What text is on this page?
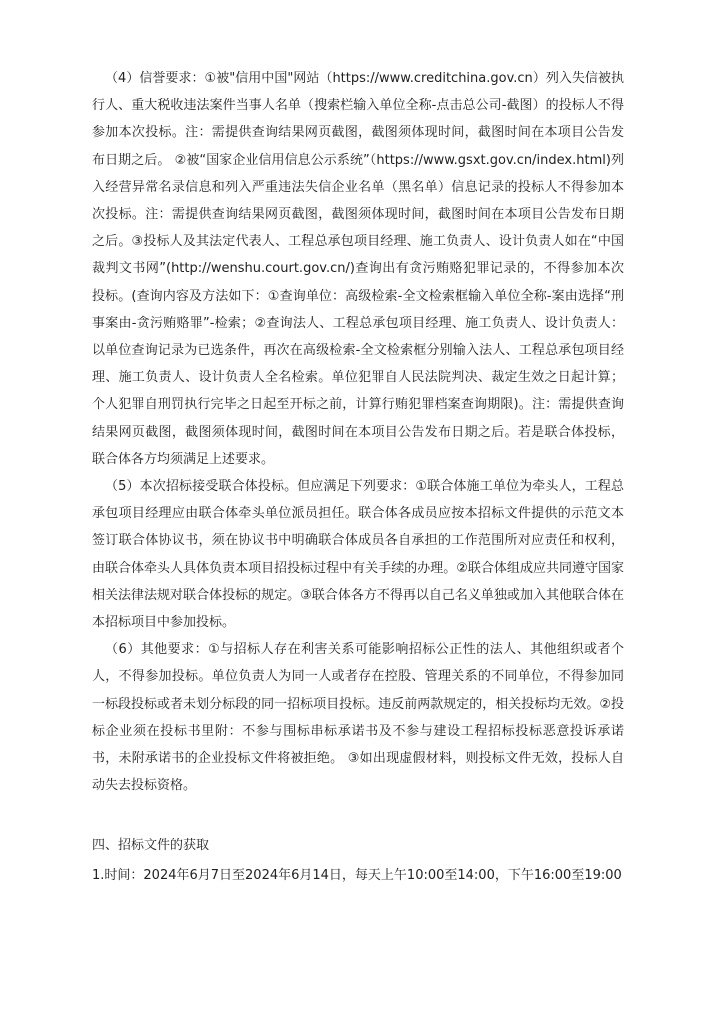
（4）信誉要求：①被"信用中国"网站（https://www.creditchina.gov.cn）列入失信被执行人、重大税收违法案件当事人名单（搜索栏输入单位全称-点击总公司-截图）的投标人不得参加本次投标。注：需提供查询结果网页截图，截图须体现时间，截图时间在本项目公告发布日期之后。 ②被“国家企业信用信息公示系统”（https://www.gsxt.gov.cn/index.html)列入经营异常名录信息和列入严重违法失信企业名单（黑名单）信息记录的投标人不得参加本次投标。注：需提供查询结果网页截图，截图须体现时间，截图时间在本项目公告发布日期之后。③投标人及其法定代表人、工程总承包项目经理、施工负责人、设计负责人如在“中国裁判文书网”(http://wenshu.court.gov.cn/)查询出有贪污贿赂犯罪记录的，不得参加本次投标。(查询内容及方法如下：①查询单位：高级检索-全文检索框输入单位全称-案由选择“刑事案由-贪污贿赂罪”-检索；②查询法人、工程总承包项目经理、施工负责人、设计负责人：以单位查询记录为已选条件，再次在高级检索-全文检索框分别输入法人、工程总承包项目经理、施工负责人、设计负责人全名检索。单位犯罪自人民法院判决、裁定生效之日起计算；个人犯罪自刑罚执行完毕之日起至开标之前，计算行贿犯罪档案查询期限)。注：需提供查询结果网页截图，截图须体现时间，截图时间在本项目公告发布日期之后。若是联合体投标，联合体各方均须满足上述要求。

（5）本次招标接受联合体投标。但应满足下列要求：①联合体施工单位为牵头人，工程总承包项目经理应由联合体牵头单位派员担任。联合体各成员应按本招标文件提供的示范文本签订联合体协议书，须在协议书中明确联合体成员各自承担的工作范围所对应责任和权利，由联合体牵头人具体负责本项目招投标过程中有关手续的办理。②联合体组成应共同遵守国家相关法律法规对联合体投标的规定。③联合体各方不得再以自己名义单独或加入其他联合体在本招标项目中参加投标。

（6）其他要求：①与招标人存在利害关系可能影响招标公正性的法人、其他组织或者个人，不得参加投标。单位负责人为同一人或者存在控股、管理关系的不同单位，不得参加同一标段投标或者未划分标段的同一招标项目投标。违反前两款规定的，相关投标均无效。②投标企业须在投标书里附：不参与围标串标承诺书及不参与建设工程招标投标恶意投诉承诺书，未附承诺书的企业投标文件将被拒绝。 ③如出现虚假材料，则投标文件无效，投标人自动失去投标资格。

四、招标文件的获取

1.时间：2024年6月7日至2024年6月14日，每天上午10:00至14:00，下午16:00至19:00
